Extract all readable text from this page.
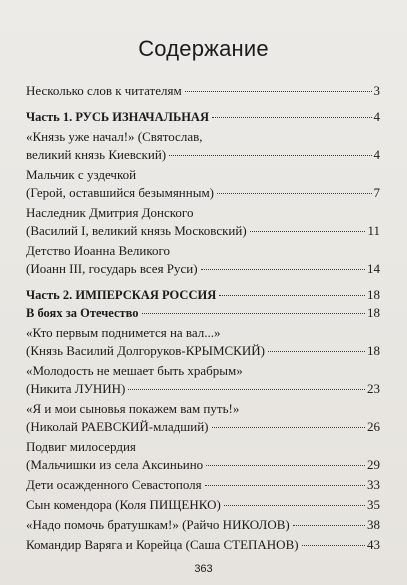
Содержание
Несколько слов к читателям	3
Часть 1. РУСЬ ИЗНАЧАЛЬНАЯ	4
«Князь уже начал!» (Святослав,
великий князь Киевский)	4
Мальчик с уздечкой
(Герой, оставшийся безымянным)	7
Наследник Дмитрия Донского
(Василий I, великий князь Московский)	11
Детство Иоанна Великого
(Иоанн III, государь всея Руси)	14
Часть 2. ИМПЕРСКАЯ РОССИЯ	18
В боях за Отечество	18
«Кто первым поднимется на вал...»
(Князь Василий Долгоруков-КРЫМСКИЙ)	18
«Молодость не мешает быть храбрым»
(Никита ЛУНИН)	23
«Я и мои сыновья покажем вам путь!»
(Николай РАЕВСКИЙ-младший)	26
Подвиг милосердия
(Мальчишки из села Аксиньино	29
Дети осажденного Севастополя	33
Сын комендора (Коля ПИЩЕНКО)	35
«Надо помочь братушкам!» (Райчо НИКОЛОВ)	38
Командир Варяга и Корейца (Саша СТЕПАНОВ)	43
363
